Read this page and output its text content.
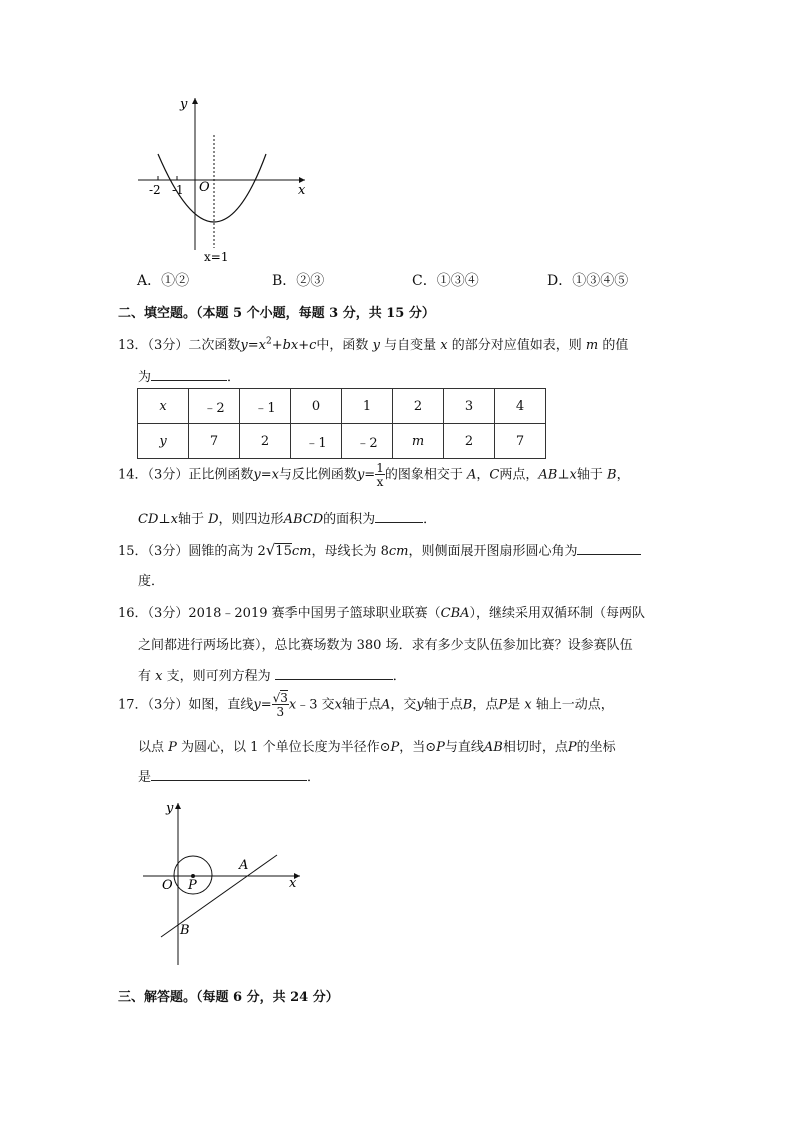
y
x
O
-2 -1
x=1
A．①②	B．②③	C．①③④	D．①③④⑤
二、填空题。（本题 5 个小题，每题 3 分，共 15 分）
13．（3分）二次函数$y=x^2+bx+c$中，函数 y 与自变量 x 的部分对应值如表，则 m 的值
为	．
x	﹣2	﹣1	0	1	2	3	4
y	7	2	﹣1	﹣2	m	2	7
14．（3分）正比例函数y=x与反比例函数$y= \frac{1}{x}$ 的图象相交于 A，C两点，AB⊥x轴于 B，
CD⊥x轴于 D，则四边形ABCD的面积为	．
15．（3分）圆锥的高为 2√15cm，母线长为 8cm，则侧面展开图扇形圆心角为
度．
16．（3分）2018﹣2019 赛季中国男子篮球职业联赛（CBA），继续采用双循环制（每两队
之间都进行两场比赛），总比赛场数为 380 场．求有多少支队伍参加比赛？设参赛队伍
有 x 支，则可列方程为	．
17．（3分）如图，直线$y= \frac{√3}{3}$ x﹣3 交x轴于点A，交y轴于点B，点P是 x 轴上一动点，
以点 P 为圆心，以 1 个单位长度为半径作⊙P，当⊙P与直线AB相切时，点P的坐标
是	．
y
x
O
A
B
P
三、解答题。（每题 6 分，共 24 分）
